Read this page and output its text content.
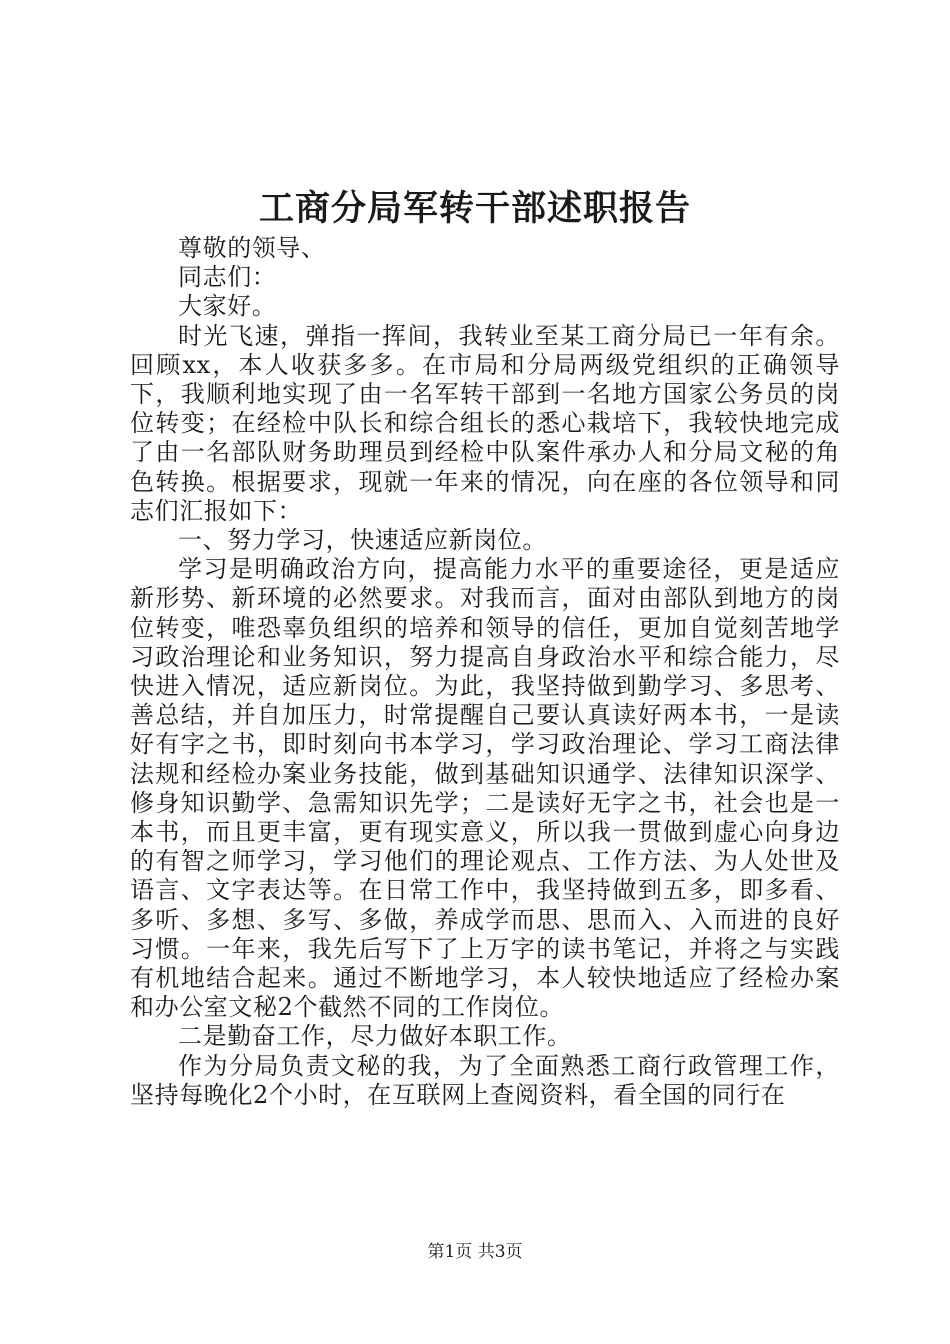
工商分局军转干部述职报告

尊敬的领导、

同志们：

大家好。

时光飞速，弹指一挥间，我转业至某工商分局已一年有余。回顾xx，本人收获多多。在市局和分局两级党组织的正确领导下，我顺利地实现了由一名军转干部到一名地方国家公务员的岗位转变；在经检中队长和综合组长的悉心栽培下，我较快地完成了由一名部队财务助理员到经检中队案件承办人和分局文秘的角色转换。根据要求，现就一年来的情况，向在座的各位领导和同志们汇报如下：

一、努力学习，快速适应新岗位。

学习是明确政治方向，提高能力水平的重要途径，更是适应新形势、新环境的必然要求。对我而言，面对由部队到地方的岗位转变，唯恐辜负组织的培养和领导的信任，更加自觉刻苦地学习政治理论和业务知识，努力提高自身政治水平和综合能力，尽快进入情况，适应新岗位。为此，我坚持做到勤学习、多思考、善总结，并自加压力，时常提醒自己要认真读好两本书，一是读好有字之书，即时刻向书本学习，学习政治理论、学习工商法律法规和经检办案业务技能，做到基础知识通学、法律知识深学、修身知识勤学、急需知识先学；二是读好无字之书，社会也是一本书，而且更丰富，更有现实意义，所以我一贯做到虚心向身边的有智之师学习，学习他们的理论观点、工作方法、为人处世及语言、文字表达等。在日常工作中，我坚持做到五多，即多看、多听、多想、多写、多做，养成学而思、思而入、入而进的良好习惯。一年来，我先后写下了上万字的读书笔记，并将之与实践有机地结合起来。通过不断地学习，本人较快地适应了经检办案和办公室文秘2个截然不同的工作岗位。

二是勤奋工作，尽力做好本职工作。

作为分局负责文秘的我，为了全面熟悉工商行政管理工作，坚持每晚化2个小时，在互联网上查阅资料，看全国的同行在

第1页 共3页
